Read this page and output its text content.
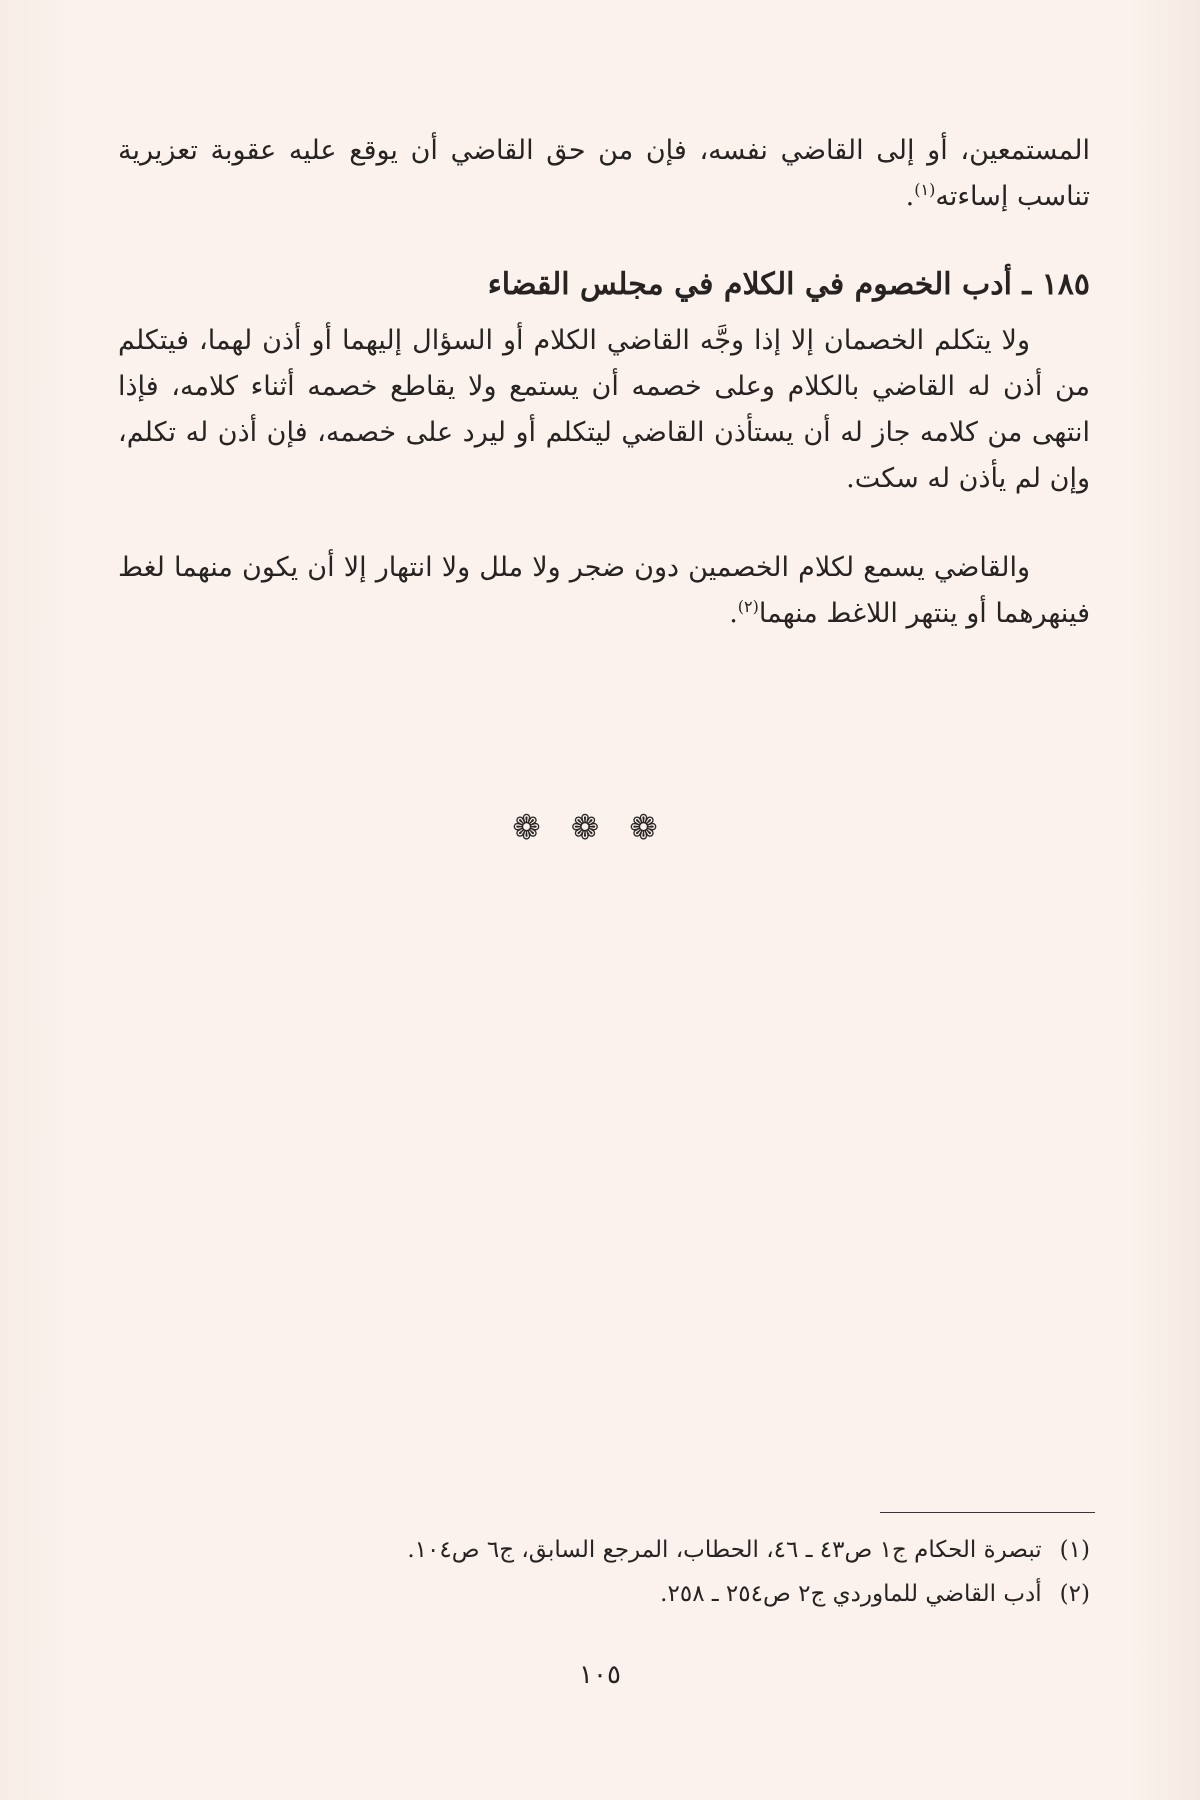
المستمعين، أو إلى القاضي نفسه، فإن من حق القاضي أن يوقع عليه عقوبة تعزيرية تناسب إساءته$^{(١)}$.
١٨٥ ـ أدب الخصوم في الكلام في مجلس القضاء
ولا يتكلم الخصمان إلا إذا وجَّه القاضي الكلام أو السؤال إليهما أو أذن لهما، فيتكلم من أذن له القاضي بالكلام وعلى خصمه أن يستمع ولا يقاطع خصمه أثناء كلامه، فإذا انتهى من كلامه جاز له أن يستأذن القاضي ليتكلم أو ليرد على خصمه، فإن أذن له تكلم، وإن لم يأذن له سكت.
والقاضي يسمع لكلام الخصمين دون ضجر ولا ملل ولا انتهار إلا أن يكون منهما لغط فينهرهما أو ينتهر اللاغط منهما$^{(٢)}$.
❁❁❁
(١)تبصرة الحكام ج١ ص٤٣ ـ ٤٦، الحطاب، المرجع السابق، ج٦ ص١٠٤.
(٢)أدب القاضي للماوردي ج٢ ص٢٥٤ ـ ٢٥٨.
١٠٥
